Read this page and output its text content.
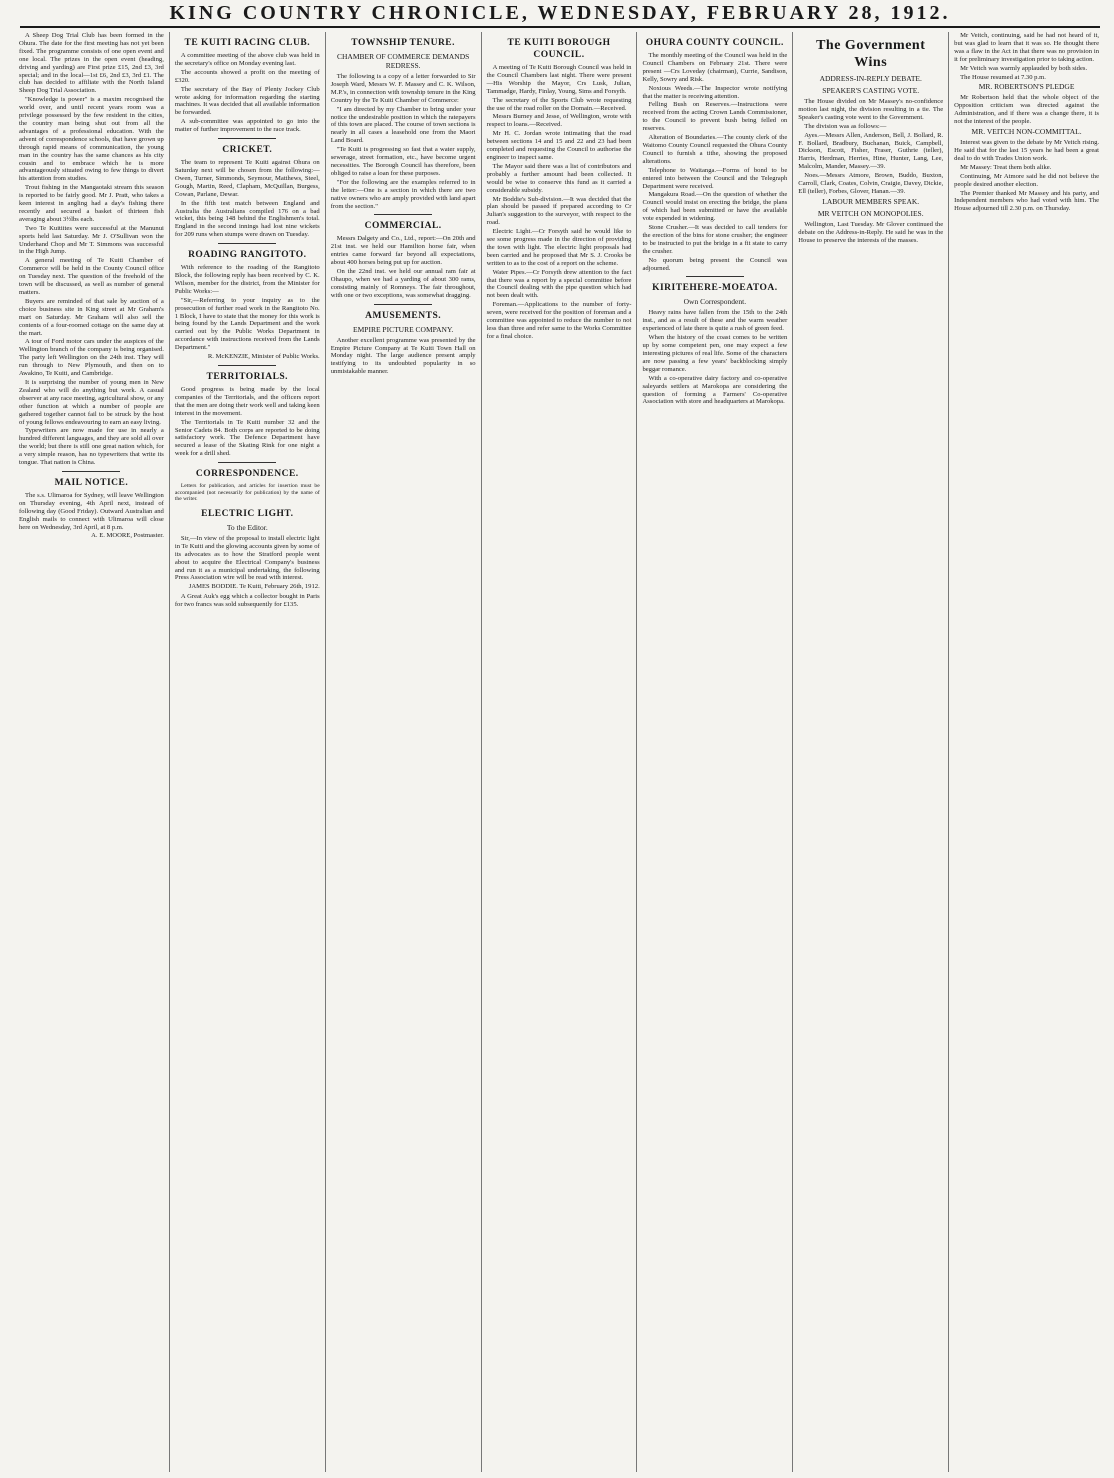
KING COUNTRY CHRONICLE, WEDNESDAY, FEBRUARY 28, 1912.

A Sheep Dog Trial Club has been formed in the Ohura. The date for the first meeting has not yet been fixed. The programme consists of one open event and one local. The prizes in the open event (heading, driving and yarding) are First prize £15, 2nd £3, 3rd special; and in the local—1st £6, 2nd £3, 3rd £1. The club has decided to affiliate with the North Island Sheep Dog Trial Association.

"Knowledge is power" is a maxim recognised the world over, and until recent years room was a privilege possessed by the few resident in the cities, the country man being shut out from all the advantages of a professional education. With the advent of correspondence schools, that have grown up through rapid means of communication, the young man in the country has the same chances as his city cousin and to embrace which he is more advantageously situated owing to few things to divert his attention from studies.

Trout fishing in the Mangaotaki stream this season is reported to be fairly good. Mr J. Pratt, who takes a keen interest in angling had a day's fishing there recently and secured a basket of thirteen fish averaging about 3½lbs each.

Two Te Kuitiites were successful at the Manunui sports held last Saturday. Mr J. O'Sullivan won the Underhand Chop and Mr T. Simmons was successful in the High Jump.

A general meeting of Te Kuiti Chamber of Commerce will be held in the County Council office on Tuesday next. The question of the freehold of the town will be discussed, as well as number of general matters.

Buyers are reminded of that sale by auction of a choice business site in King street at Mr Graham's mart on Saturday. Mr Graham will also sell the contents of a four-roomed cottage on the same day at the mart.

A tour of Ford motor cars under the auspices of the Wellington branch of the company is being organised. The party left Wellington on the 24th inst. They will run through to New Plymouth, and then on to Awakino, Te Kuiti, and Cambridge.

It is surprising the number of young men in New Zealand who will do anything but work. A casual observer at any race meeting, agricultural show, or any other function at which a number of people are gathered together cannot fail to be struck by the host of young fellows endeavouring to earn an easy living.

Typewriters are now made for use in nearly a hundred different languages, and they are sold all over the world; but there is still one great nation which, for a very simple reason, has no typewriters that write its tongue. That nation is China.

MAIL NOTICE.

The s.s. Ulimaroa for Sydney, will leave Wellington on Thursday evening, 4th April next, instead of following day (Good Friday). Outward Australian and English mails to connect with Ulimaroa will close here on Wednesday, 3rd April, at 8 p.m.

A. E. MOORE, Postmaster.
TE KUITI RACING CLUB.

A committee meeting of the above club was held in the secretary's office on Monday evening last.

The accounts showed a profit on the meeting of £320.

The secretary of the Bay of Plenty Jockey Club wrote asking for information regarding the starting machines. It was decided that all available information be forwarded.

A sub-committee was appointed to go into the matter of further improvement to the race track.

CRICKET.

The team to represent Te Kuiti against Ohura on Saturday next will be chosen from the following:—Owen, Turner, Simmonds, Seymour, Matthews, Steel, Gough, Martin, Reed, Clapham, McQuillan, Burgess, Cowan, Parlane, Dewar.

In the fifth test match between England and Australia the Australians compiled 176 on a bad wicket, this being 148 behind the Englishmen's total. England in the second innings had lost nine wickets for 209 runs when stumps were drawn on Tuesday.

ROADING RANGITOTO.

With reference to the roading of the Rangitoto Block, the following reply has been received by C. K. Wilson, member for the district, from the Minister for Public Works:—

"Sir,—Referring to your inquiry as to the prosecution of further road work in the Rangitoto No. 1 Block, I have to state that the money for this work is being found by the Lands Department and the work carried out by the Public Works Department in accordance with instructions received from the Lands Department."

R. McKENZIE, Minister of Public Works.
TERRITORIALS.

Good progress is being made by the local companies of the Territorials, and the officers report that the men are doing their work well and taking keen interest in the movement.

The Territorials in Te Kuiti number 32 and the Senior Cadets 84. Both corps are reported to be doing satisfactory work. The Defence Department have secured a lease of the Skating Rink for one night a week for a drill shed.

CORRESPONDENCE.

Letters for publication, and articles for insertion must be accompanied (not necessarily for publication) by the name of the writer.

ELECTRIC LIGHT.
To the Editor.

Sir,—In view of the proposal to install electric light in Te Kuiti and the glowing accounts given by some of its advocates as to how the Stratford people went about to acquire the Electrical Company's business and run it as a municipal undertaking, the following Press Association wire will be read with interest.

JAMES BODDIE. Te Kuiti, February 26th, 1912.

A Great Auk's egg which a collector bought in Paris for two francs was sold subsequently for £135.

TOWNSHIP TENURE.
CHAMBER OF COMMERCE DEMANDS REDRESS.

The following is a copy of a letter forwarded to Sir Joseph Ward, Messrs W. F. Massey and C. K. Wilson, M.P.'s, in connection with township tenure in the King Country by the Te Kuiti Chamber of Commerce:

"I am directed by my Chamber to bring under your notice the undesirable position in which the ratepayers of this town are placed. The course of town sections is nearly in all cases a leasehold one from the Maori Land Board.

"Te Kuiti is progressing so fast that a water supply, sewerage, street formation, etc., have become urgent necessities. The Borough Council has therefore, been obliged to raise a loan for these purposes.

"For the following are the examples referred to in the letter:—One is a section in which there are two native owners who are amply provided with land apart from the section."

COMMERCIAL.

Messrs Dalgety and Co., Ltd., report:—On 20th and 21st inst. we held our Hamilton horse fair, when entries came forward far beyond all expectations, about 400 horses being put up for auction.

On the 22nd inst. we held our annual ram fair at Ohaupo, when we had a yarding of about 300 rams, consisting mainly of Romneys. The fair throughout, with one or two exceptions, was somewhat dragging.

AMUSEMENTS.
EMPIRE PICTURE COMPANY.

Another excellent programme was presented by the Empire Picture Company at Te Kuiti Town Hall on Monday night. The large audience present amply testifying to its undoubted popularity in so unmistakable manner.

TE KUITI BOROUGH COUNCIL.

A meeting of Te Kuiti Borough Council was held in the Council Chambers last night. There were present —His Worship the Mayor, Crs Lusk, Julian, Tammadge, Hardy, Finlay, Young, Sims and Forsyth.

The secretary of the Sports Club wrote requesting the use of the road roller on the Domain.—Received.

Messrs Burney and Jesse, of Wellington, wrote with respect to loans.—Received.

Mr H. C. Jordan wrote intimating that the road between sections 14 and 15 and 22 and 23 had been completed and requesting the Council to authorise the engineer to inspect same.

The Mayor said there was a list of contributors and probably a further amount had been collected. It would be wise to conserve this fund as it carried a considerable subsidy.

Mr Boddie's Sub-division.—It was decided that the plan should be passed if prepared according to Cr Julian's suggestion to the surveyor, with respect to the road.

Electric Light.—Cr Forsyth said he would like to see some progress made in the direction of providing the town with light. The electric light proposals had been carried and he proposed that Mr S. J. Crooks be written to as to the cost of a report on the scheme.

Water Pipes.—Cr Forsyth drew attention to the fact that there was a report by a special committee before the Council dealing with the pipe question which had not been dealt with.

Foreman.—Applications to the number of forty-seven, were received for the position of foreman and a committee was appointed to reduce the number to not less than three and refer same to the Works Committee for a final choice.

OHURA COUNTY COUNCIL.

The monthly meeting of the Council was held in the Council Chambers on February 21st. There were present —Crs Loveday (chairman), Currie, Sandison, Kelly, Sowry and Risk.

Noxious Weeds.—The Inspector wrote notifying that the matter is receiving attention.

Felling Bush on Reserves.—Instructions were received from the acting Crown Lands Commissioner, to the Council to prevent bush being felled on reserves.

Alteration of Boundaries.—The county clerk of the Waitomo County Council requested the Ohura County Council to furnish a tithe, showing the proposed alterations.

Telephone to Waitanga.—Forms of bond to be entered into between the Council and the Telegraph Department were received.

Mangakura Road.—On the question of whether the Council would insist on erecting the bridge, the plans of which had been submitted or have the available vote expended in widening.

Stone Crusher.—It was decided to call tenders for the erection of the bins for stone crusher; the engineer to be instructed to put the bridge in a fit state to carry the crusher.

No quorum being present the Council was adjourned.

KIRITEHERE-MOEATOA.
Own Correspondent.

Heavy rains have fallen from the 15th to the 24th inst., and as a result of these and the warm weather experienced of late there is quite a rush of green feed.

When the history of the coast comes to be written up by some competent pen, one may expect a few interesting pictures of real life. Some of the characters are now passing a few years' backblocking simply beggar romance.

With a co-operative dairy factory and co-operative saleyards settlers at Marokopa are considering the question of forming a Farmers' Co-operative Association with store and headquarters at Marokopa.

The Government Wins
ADDRESS-IN-REPLY DEBATE.
SPEAKER'S CASTING VOTE.

The House divided on Mr Massey's no-confidence motion last night, the division resulting in a tie. The Speaker's casting vote went to the Government.

The division was as follows:—

Ayes.—Messrs Allen, Anderson, Bell, J. Bollard, R. F. Bollard, Bradbury, Buchanan, Buick, Campbell, Dickson, Escott, Fisher, Fraser, Guthrie (teller), Harris, Herdman, Herries, Hine, Hunter, Lang, Lee, Malcolm, Mander, Massey.—39.

Noes.—Messrs Atmore, Brown, Buddo, Buxton, Carroll, Clark, Coates, Colvin, Craigie, Davey, Dickie, Ell (teller), Forbes, Glover, Hanan.—39.

LABOUR MEMBERS SPEAK.
MR VEITCH ON MONOPOLIES.

Wellington, Last Tuesday. Mr Glover continued the debate on the Address-in-Reply. He said he was in the House to preserve the interests of the masses.

Mr Veitch, continuing, said he had not heard of it, but was glad to learn that it was so. He thought there was a flaw in the Act in that there was no provision in it for preliminary investigation prior to taking action.

Mr Veitch was warmly applauded by both sides.

The House resumed at 7.30 p.m.

MR. ROBERTSON'S PLEDGE

Mr Robertson held that the whole object of the Opposition criticism was directed against the Administration, and if there was a change there, it is not the interest of the people.

MR. VEITCH NON-COMMITTAL.

Interest was given to the debate by Mr Veitch rising. He said that for the last 15 years he had been a great deal to do with Trades Union work.

Mr Massey: Treat them both alike.

Continuing, Mr Atmore said he did not believe the people desired another election.

The Premier thanked Mr Massey and his party, and Independent members who had voted with him. The House adjourned till 2.30 p.m. on Thursday.
